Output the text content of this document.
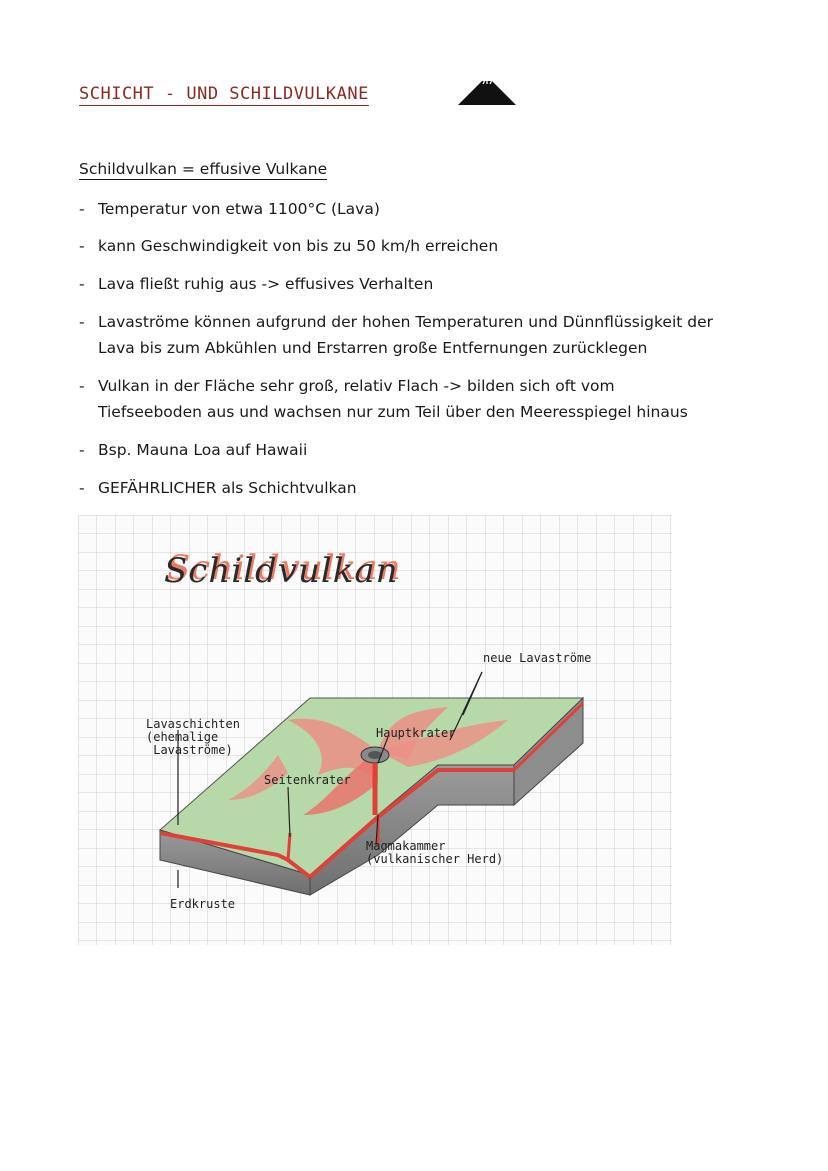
SCHICHT - UND SCHILDVULKANE
Schildvulkan = effusive Vulkane
- Temperatur von etwa 1100°C (Lava)
- kann Geschwindigkeit von bis zu 50 km/h erreichen
- Lava fließt ruhig aus -> effusives Verhalten
- Lavaströme können aufgrund der hohen Temperaturen und Dünnflüssigkeit der
Lava bis zum Abkühlen und Erstarren große Entfernungen zurücklegen
- Vulkan in der Fläche sehr groß, relativ Flach -> bilden sich oft vom
Tiefseeboden aus und wachsen nur zum Teil über den Meeresspiegel hinaus
- Bsp. Mauna Loa auf Hawaii
- GEFÄHRLICHER als Schichtvulkan
Schildvulkan
neue Lavaströme
Lavaschichten
(ehemalige
Lavaströme)
Hauptkrater
Seitenkrater
Magmakammer
(vulkanischer Herd)
Erdkruste
